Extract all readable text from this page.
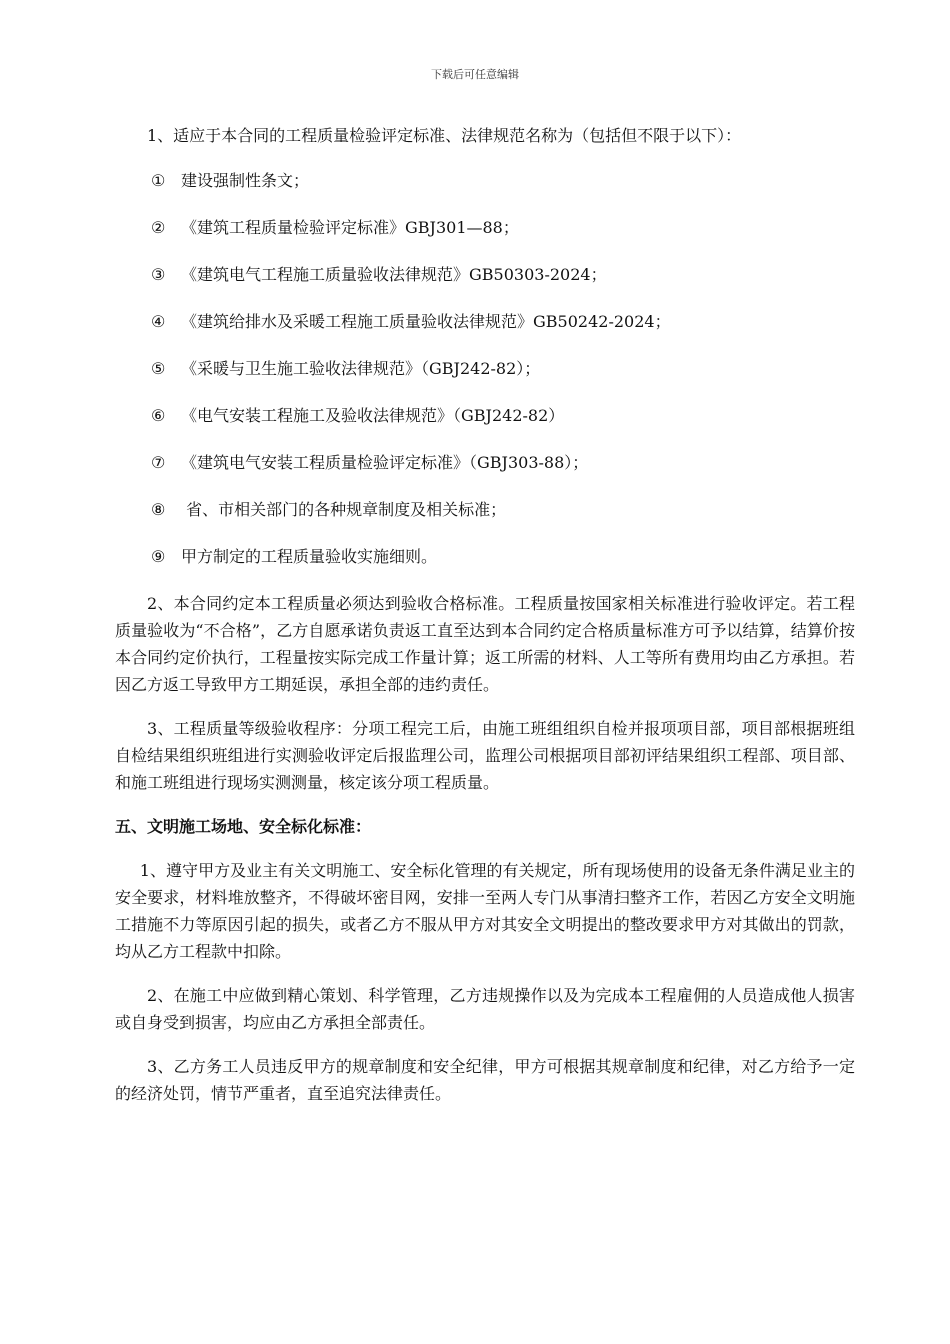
下载后可任意编辑

1、适应于本合同的工程质量检验评定标准、法律规范名称为（包括但不限于以下）：

① 建设强制性条文；
② 《建筑工程质量检验评定标准》GBJ301—88；
③ 《建筑电气工程施工质量验收法律规范》GB50303-2024；
④ 《建筑给排水及采暖工程施工质量验收法律规范》GB50242-2024；
⑤ 《采暖与卫生施工验收法律规范》（GBJ242-82）；
⑥ 《电气安装工程施工及验收法律规范》（GBJ242-82）
⑦ 《建筑电气安装工程质量检验评定标准》（GBJ303-88）；
⑧ 省、市相关部门的各种规章制度及相关标准；
⑨ 甲方制定的工程质量验收实施细则。

2、本合同约定本工程质量必须达到验收合格标准。工程质量按国家相关标准进行验收评定。若工程质量验收为“不合格”，乙方自愿承诺负责返工直至达到本合同约定合格质量标准方可予以结算，结算价按本合同约定价执行，工程量按实际完成工作量计算；返工所需的材料、人工等所有费用均由乙方承担。若因乙方返工导致甲方工期延误，承担全部的违约责任。

3、工程质量等级验收程序：分项工程完工后，由施工班组组织自检并报项项目部，项目部根据班组自检结果组织班组进行实测验收评定后报监理公司，监理公司根据项目部初评结果组织工程部、项目部、和施工班组进行现场实测测量，核定该分项工程质量。

五、文明施工场地、安全标化标准：

1、遵守甲方及业主有关文明施工、安全标化管理的有关规定，所有现场使用的设备无条件满足业主的安全要求，材料堆放整齐，不得破坏密目网，安排一至两人专门从事清扫整齐工作，若因乙方安全文明施工措施不力等原因引起的损失，或者乙方不服从甲方对其安全文明提出的整改要求甲方对其做出的罚款，均从乙方工程款中扣除。

2、在施工中应做到精心策划、科学管理，乙方违规操作以及为完成本工程雇佣的人员造成他人损害或自身受到损害，均应由乙方承担全部责任。

3、乙方务工人员违反甲方的规章制度和安全纪律，甲方可根据其规章制度和纪律，对乙方给予一定的经济处罚，情节严重者，直至追究法律责任。
